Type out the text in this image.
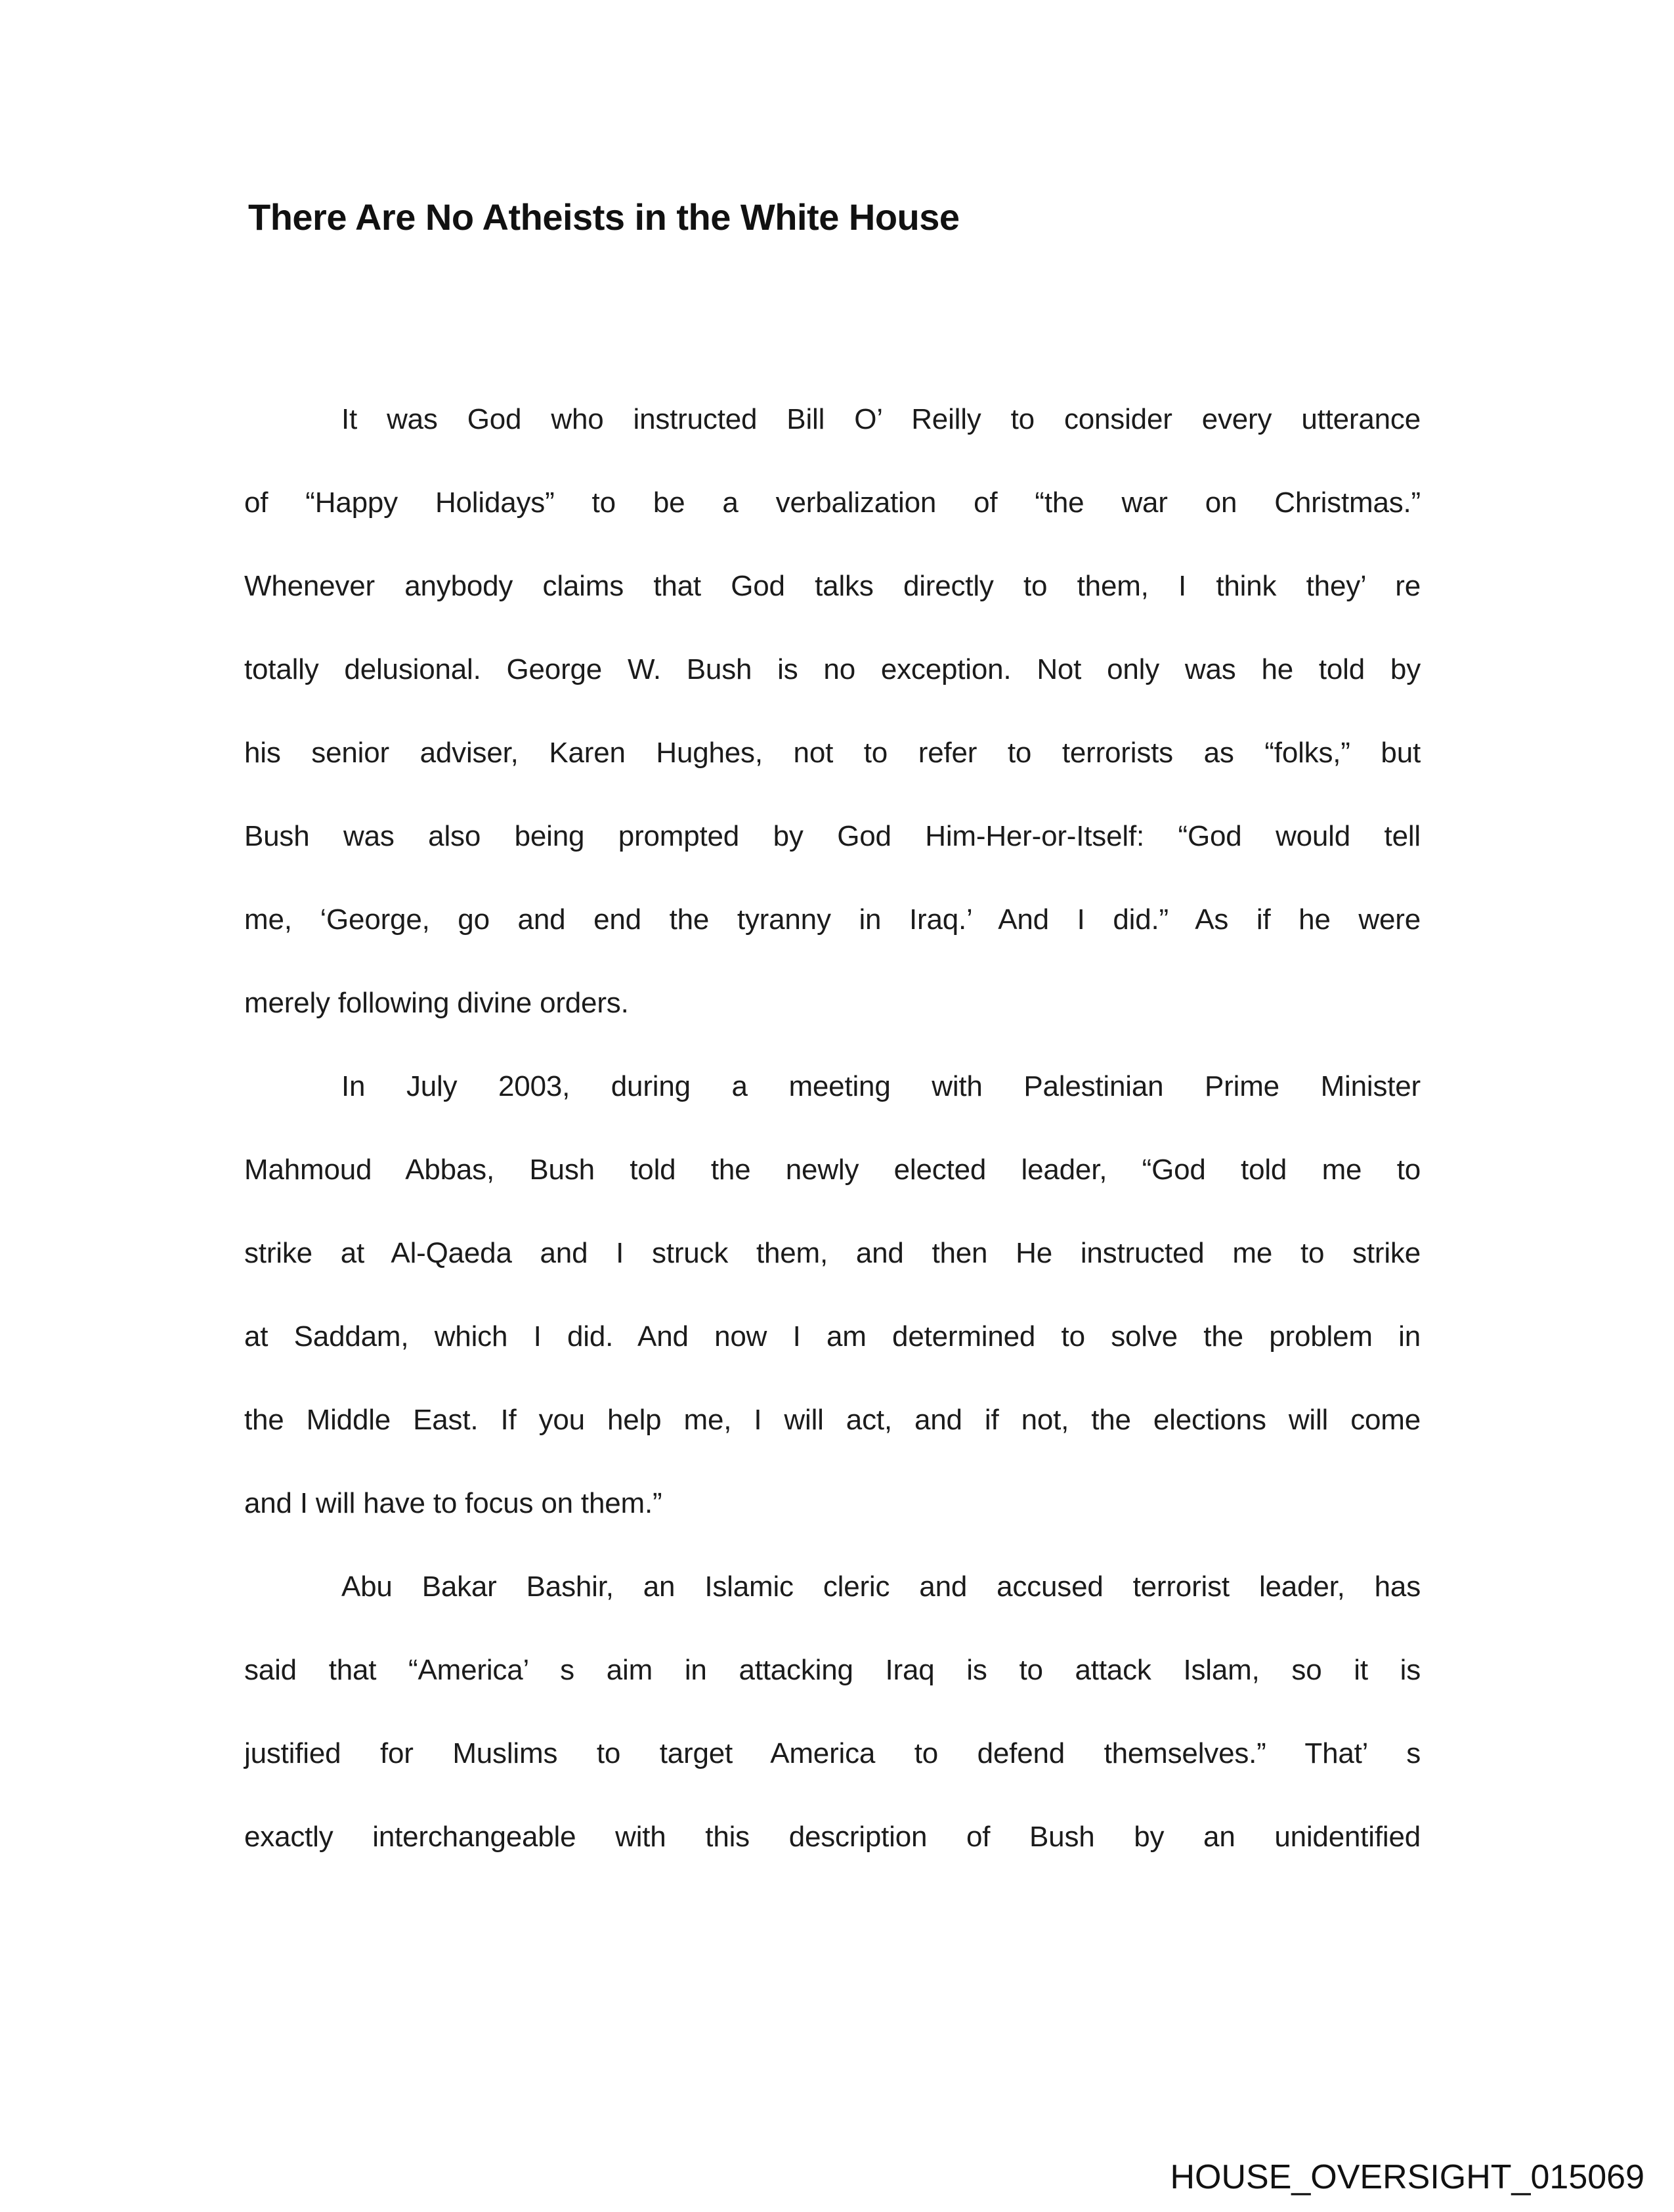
There Are No Atheists in the White House
It was God who instructed Bill O’ Reilly to consider every utterance
of “Happy Holidays” to be a verbalization of “the war on Christmas.”
Whenever anybody claims that God talks directly to them, I think they’ re
totally delusional. George W. Bush is no exception. Not only was he told by
his senior adviser, Karen Hughes, not to refer to terrorists as “folks,” but
Bush was also being prompted by God Him-Her-or-Itself: “God would tell
me, ‘George, go and end the tyranny in Iraq.’ And I did.” As if he were
merely following divine orders.
In July 2003, during a meeting with Palestinian Prime Minister
Mahmoud Abbas, Bush told the newly elected leader, “God told me to
strike at Al-Qaeda and I struck them, and then He instructed me to strike
at Saddam, which I did. And now I am determined to solve the problem in
the Middle East. If you help me, I will act, and if not, the elections will come
and I will have to focus on them.”
Abu Bakar Bashir, an Islamic cleric and accused terrorist leader, has
said that “America’ s aim in attacking Iraq is to attack Islam, so it is
justified for Muslims to target America to defend themselves.” That’ s
exactly interchangeable with this description of Bush by an unidentified
HOUSE_OVERSIGHT_015069
